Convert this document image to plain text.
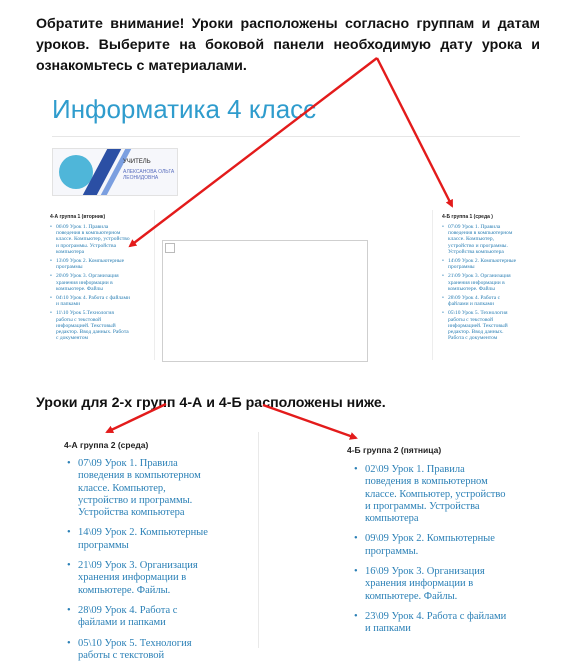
Обратите внимание! Уроки расположены согласно группам и датам уроков. Выберите на боковой панели необходимую дату урока и ознакомьтесь с материалами.
Информатика 4 класс
УЧИТЕЛЬ
АЛЕКСАНОВА ОЛЬГА ЛЕОНИДОВНА
4-А группа 1 (вторник)
• 06\09 Урок 1. Правила поведения в компьютерном классе. Компьютер, устройство и программы. Устройства компьютера
• 13\09 Урок 2. Компьютерные программы
• 20\09 Урок 3. Организация хранения информации в компьютере. Файлы
• 04\10 Урок 4. Работа с файлами и папками
• 11\10 Урок 5.Технология работы с текстовой информацией. Текстовый редактор. Ввод данных. Работа с документом
4-Б группа 1 (среда )
• 07\09 Урок 1. Правила поведения в компьютерном классе. Компьютер, устройство и программы. Устройства компьютера
• 14\09 Урок 2. Компьютерные программы
• 21\09 Урок 3. Организация хранения информации в компьютере. Файлы
• 28\09 Урок 4. Работа с файлами и папками
• 05\10 Урок 5. Технология работы с текстовой информацией. Текстовый редактор. Ввод данных. Работа с документом
Уроки для 2-х групп 4-А и 4-Б расположены ниже.
4-А группа 2 (среда)
• 07\09 Урок 1. Правила поведения в компьютерном классе. Компьютер, устройство и программы. Устройства компьютера
• 14\09 Урок 2. Компьютерные программы
• 21\09 Урок 3. Организация хранения информации в компьютере. Файлы.
• 28\09 Урок 4. Работа с файлами и папками
• 05\10 Урок 5. Технология работы с текстовой
4-Б группа 2 (пятница)
• 02\09 Урок 1. Правила поведения в компьютерном классе. Компьютер, устройство и программы. Устройства компьютера
• 09\09 Урок 2. Компьютерные программы.
• 16\09 Урок 3. Организация хранения информации в компьютере. Файлы.
• 23\09 Урок 4. Работа с файлами и папками
